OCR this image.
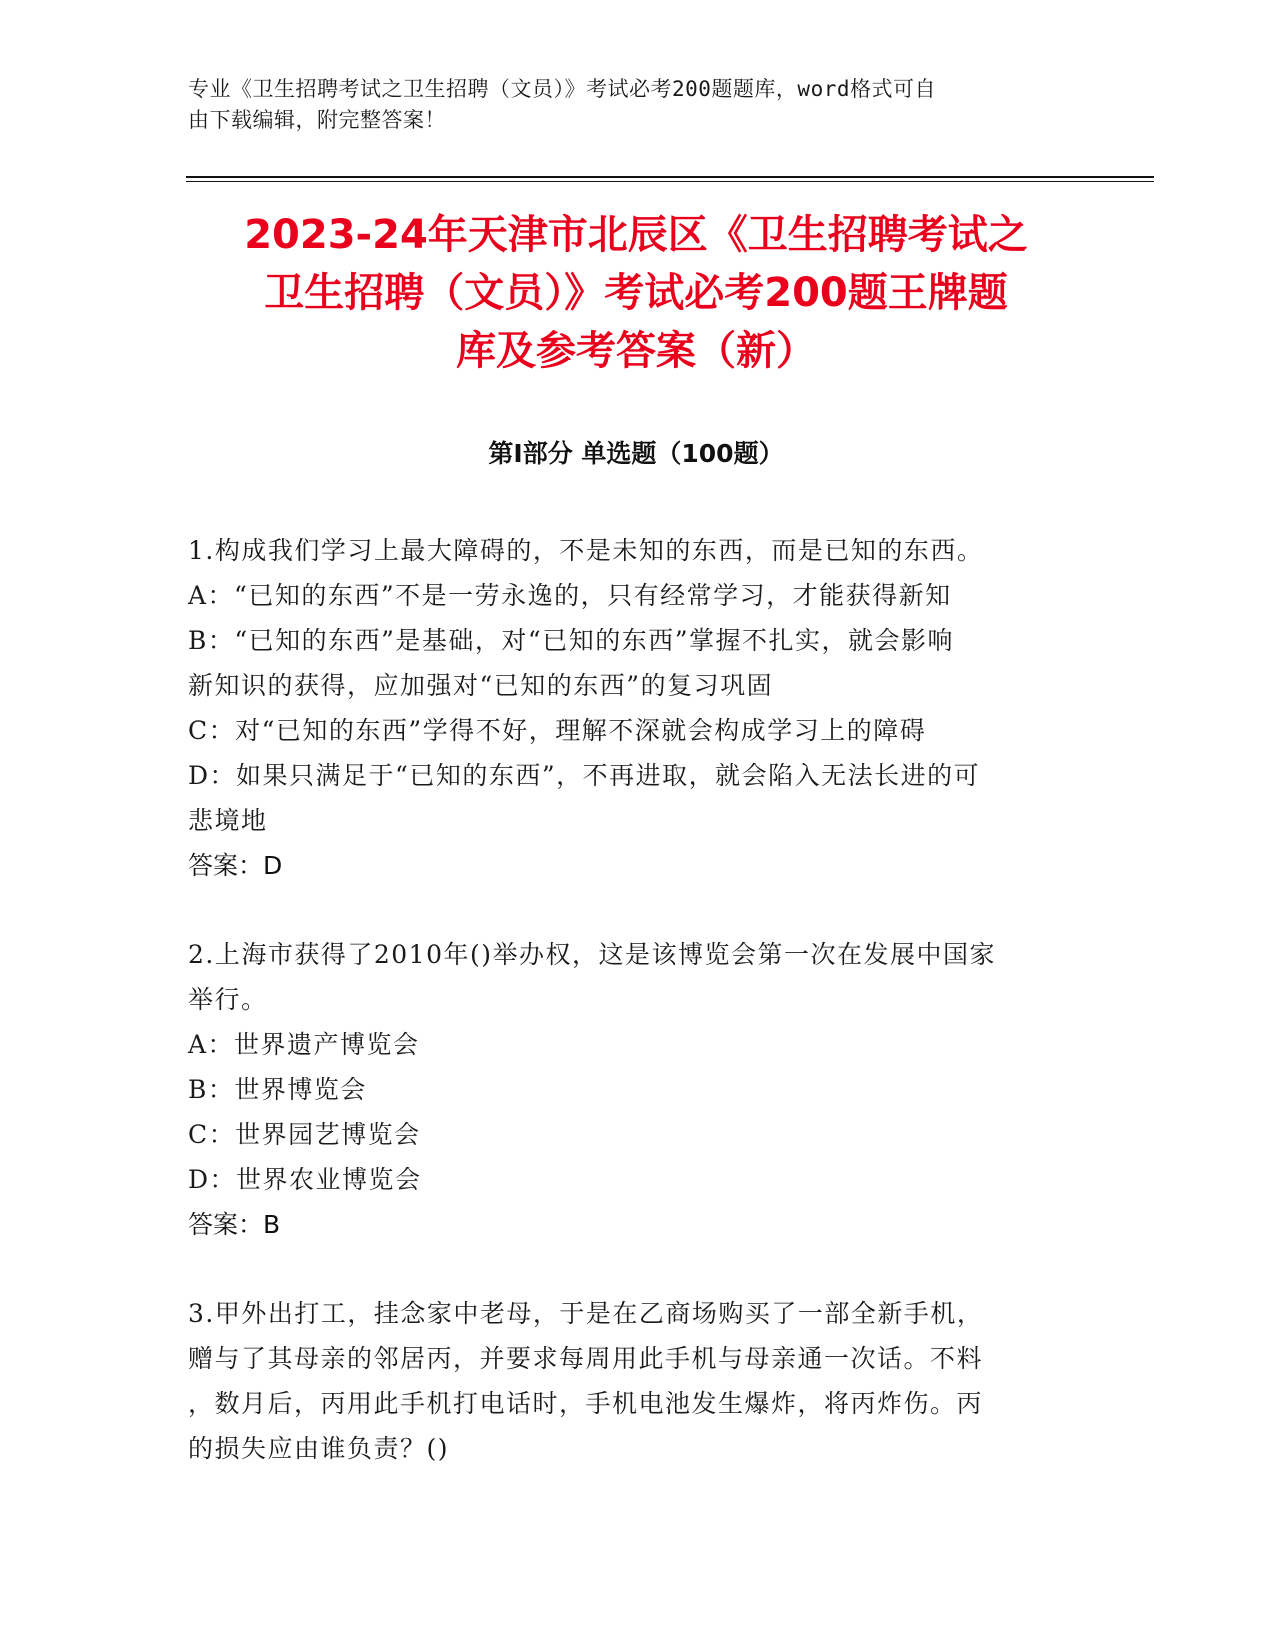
专业《卫生招聘考试之卫生招聘（文员）》考试必考200题题库，word格式可自
由下载编辑，附完整答案！
2023-24年天津市北辰区《卫生招聘考试之
卫生招聘（文员）》考试必考200题王牌题
库及参考答案（新）
第I部分 单选题（100题）
1.构成我们学习上最大障碍的，不是未知的东西，而是已知的东西。
A：“已知的东西”不是一劳永逸的，只有经常学习，才能获得新知
B：“已知的东西”是基础，对“已知的东西”掌握不扎实，就会影响
新知识的获得，应加强对“已知的东西”的复习巩固
C：对“已知的东西”学得不好，理解不深就会构成学习上的障碍
D：如果只满足于“已知的东西”，不再进取，就会陷入无法长进的可
悲境地
答案：D
2.上海市获得了2010年()举办权，这是该博览会第一次在发展中国家
举行。
A：世界遗产博览会
B：世界博览会
C：世界园艺博览会
D：世界农业博览会
答案：B
3.甲外出打工，挂念家中老母，于是在乙商场购买了一部全新手机，
赠与了其母亲的邻居丙，并要求每周用此手机与母亲通一次话。不料
，数月后，丙用此手机打电话时，手机电池发生爆炸，将丙炸伤。丙
的损失应由谁负责？()
